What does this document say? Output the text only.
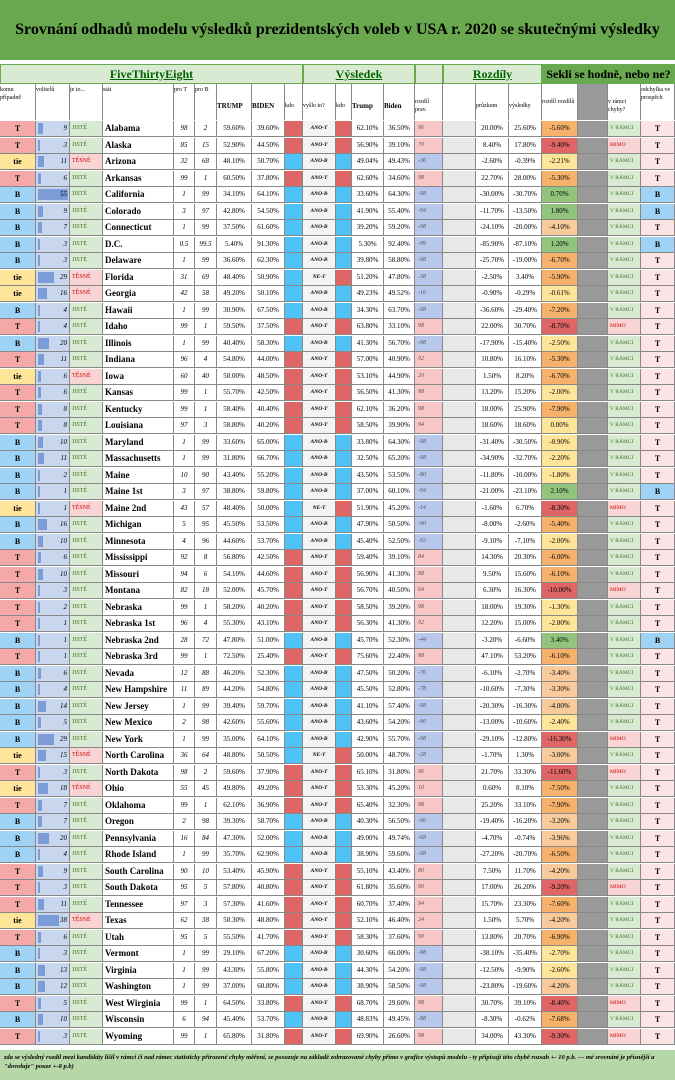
Srovnání odhadů modelu výsledků prezidentských voleb v USA r. 2020 se skutečnými výsledky
FiveThirtyEight	Výsledek	Rozdíly	Sekli se hodně, nebo ne?
komu případně
volitelů	je to...	stát	pro T	pro B
TRUMP	BIDEN	kdo	vyšlo to?	kdo	Trump	Biden	rozdíl prav.
průzkum	výsledky
rozdíl rozdílů	v rámci chyby?
odchylka ve prospěch
T	9 JISTÉ	Alabama	98	2	59.60%	39.60%	ANO-T	62.10%	36.50%	96	20.00%	25.60%	-5.60%	V RÁMCI	T
T	3 JISTÉ	Alaska	85	15	52.90%	44.50%	ANO-T	56.90%	39.10%	70	8.40%	17.80%	-9.40%	MIMO	T
tie	11 TĚSNÉ	Arizona	32	68	48.10%	50.70%	ANO-B	49.04%	49.43%	-36	-2.60%	-0.39%	-2.21%	V RÁMCI	T
T	6 JISTÉ	Arkansas	99	1	60.50%	37.80%	ANO-T	62.60%	34.60%	98	22.70%	28.00%	-5.30%	V RÁMCI	T
B	55 JISTÉ	California	1	99	34.10%	64.10%	ANO-B	33.60%	64.30%	-98	-30.00%	-30.70%	0.70%	V RÁMCI	B
B	9 JISTÉ	Colorado	3	97	42.80%	54.50%	ANO-B	41.90%	55.40%	-94	-11.70%	-13.50%	1.80%	V RÁMCI	B
B	7 JISTÉ	Connecticut	1	99	37.50%	61.60%	ANO-B	39.20%	59.20%	-98	-24.10%	-20.00%	-4.10%	V RÁMCI	T
B	3 JISTÉ	D.C.	0.5	99.5	5.40%	91.30%	ANO-B	5.30%	92.40%	-99	-85.90%	-87.10%	1.20%	V RÁMCI	B
B	3 JISTÉ	Delaware	1	99	36.60%	62.30%	ANO-B	39.80%	58.80%	-98	-25.70%	-19.00%	-6.70%	V RÁMCI	T
tie	29 TĚSNÉ	Florida	31	69	48.40%	50.90%	NE-T	51.20%	47.80%	-38	-2.50%	3.40%	-5.90%	V RÁMCI	T
tie	16 TĚSNÉ	Georgia	42	58	49.20%	50.10%	ANO-B	49.23%	49.52%	-16	-0.90%	-0.29%	-0.61%	V RÁMCI	T
B	4 JISTÉ	Hawaii	1	99	30.90%	67.50%	ANO-B	34.30%	63.70%	-98	-36.60%	-29.40%	-7.20%	V RÁMCI	T
T	4 JISTÉ	Idaho	99	1	59.50%	37.50%	ANO-T	63.80%	33.10%	98	22.00%	30.70%	-8.70%	MIMO	T
B	20 JISTÉ	Illinois	1	99	40.40%	58.30%	ANO-B	41.30%	56.70%	-98	-17.90%	-15.40%	-2.50%	V RÁMCI	T
T	11 JISTÉ	Indiana	96	4	54.80%	44.00%	ANO-T	57.00%	40.90%	92	10.80%	16.10%	-5.30%	V RÁMCI	T
tie	6 TĚSNÉ	Iowa	60	40	50.00%	48.50%	ANO-T	53.10%	44.90%	20	1.50%	8.20%	-6.70%	V RÁMCI	T
T	6 JISTÉ	Kansas	99	1	55.70%	42.50%	ANO-T	56.50%	41.30%	98	13.20%	15.20%	-2.00%	V RÁMCI	T
T	8 JISTÉ	Kentucky	99	1	58.40%	40.40%	ANO-T	62.10%	36.20%	98	18.00%	25.90%	-7.90%	V RÁMCI	T
T	8 JISTÉ	Louisiana	97	3	58.80%	40.20%	ANO-T	58.50%	39.90%	94	18.60%	18.60%	0.00%	V RÁMCI	T
B	10 JISTÉ	Maryland	1	99	33.60%	65.00%	ANO-B	33.80%	64.30%	-98	-31.40%	-30.50%	-0.90%	V RÁMCI	T
B	11 JISTÉ	Massachusetts	1	99	31.80%	66.70%	ANO-B	32.50%	65.20%	-98	-34.90%	-32.70%	-2.20%	V RÁMCI	T
B	2 JISTÉ	Maine	10	90	43.40%	55.20%	ANO-B	43.50%	53.50%	-80	-11.80%	-10.00%	-1.80%	V RÁMCI	T
B	1 JISTÉ	Maine 1st	3	97	38.80%	59.80%	ANO-B	37.00%	60.10%	-94	-21.00%	-23.10%	2.10%	V RÁMCI	B
tie	1 TĚSNÉ	Maine 2nd	43	57	48.40%	50.00%	NE-T	51.90%	45.20%	-14	-1.60%	6.70%	-8.30%	MIMO	T
B	16 JISTÉ	Michigan	5	95	45.50%	53.50%	ANO-B	47.90%	50.50%	-90	-8.00%	-2.60%	-5.40%	V RÁMCI	T
B	10 JISTÉ	Minnesota	4	96	44.60%	53.70%	ANO-B	45.40%	52.50%	-92	-9.10%	-7.10%	-2.00%	V RÁMCI	T
T	6 JISTÉ	Mississippi	92	8	56.80%	42.50%	ANO-T	59.40%	39.10%	84	14.30%	20.30%	-6.00%	V RÁMCI	T
T	10 JISTÉ	Missouri	94	6	54.10%	44.60%	ANO-T	56.90%	41.30%	88	9.50%	15.60%	-6.10%	V RÁMCI	T
T	3 JISTÉ	Montana	82	18	52.00%	45.70%	ANO-T	56.70%	40.50%	64	6.30%	16.30%	-10.00%	MIMO	T
T	2 JISTÉ	Nebraska	99	1	58.20%	40.20%	ANO-T	58.50%	39.20%	98	18.00%	19.30%	-1.30%	V RÁMCI	T
T	1 JISTÉ	Nebraska 1st	96	4	55.30%	43.10%	ANO-T	56.30%	41.30%	92	12.20%	15.00%	-2.80%	V RÁMCI	T
B	1 JISTÉ	Nebraska 2nd	28	72	47.80%	51.00%	ANO-B	45.70%	52.30%	-44	-3.20%	-6.60%	3.40%	V RÁMCI	B
T	1 JISTÉ	Nebraska 3rd	99	1	72.50%	25.40%	ANO-T	75.60%	22.40%	98	47.10%	53.20%	-6.10%	V RÁMCI	T
B	6 JISTÉ	Nevada	12	88	46.20%	52.30%	ANO-B	47.50%	50.20%	-76	-6.10%	-2.70%	-3.40%	V RÁMCI	T
B	4 JISTÉ	New Hampshire	11	89	44.20%	54.80%	ANO-B	45.50%	52.80%	-78	-10.60%	-7.30%	-3.30%	V RÁMCI	T
B	14 JISTÉ	New Jersey	1	99	39.40%	59.70%	ANO-B	41.10%	57.40%	-98	-20.30%	-16.30%	-4.00%	V RÁMCI	T
B	5 JISTÉ	New Mexico	2	98	42.60%	55.60%	ANO-B	43.60%	54.20%	-96	-13.00%	-10.60%	-2.40%	V RÁMCI	T
B	29 JISTÉ	New York	1	99	35.00%	64.10%	ANO-B	42.90%	55.70%	-98	-29.10%	-12.80%	-16.30%	MIMO	T
tie	15 TĚSNÉ	North Carolina	36	64	48.80%	50.50%	NE-T	50.00%	48.70%	-28	-1.70%	1.30%	-3.00%	V RÁMCI	T
T	3 JISTÉ	North Dakota	98	2	59.60%	37.90%	ANO-T	65.10%	31.80%	96	21.70%	33.30%	-11.60%	MIMO	T
tie	18 TĚSNÉ	Ohio	55	45	49.80%	49.20%	ANO-T	53.30%	45.20%	10	0.60%	8.10%	-7.50%	V RÁMCI	T
T	7 JISTÉ	Oklahoma	99	1	62.10%	36.90%	ANO-T	65.40%	32.30%	98	25.20%	33.10%	-7.90%	V RÁMCI	T
B	7 JISTÉ	Oregon	2	98	39.30%	58.70%	ANO-B	40.30%	56.50%	-96	-19.40%	-16.20%	-3.20%	V RÁMCI	T
B	20 JISTÉ	Pennsylvania	16	84	47.30%	52.00%	ANO-B	49.00%	49.74%	-68	-4.70%	-0.74%	-3.96%	V RÁMCI	T
B	4 JISTÉ	Rhode Island	1	99	35.70%	62.90%	ANO-B	38.90%	59.60%	-98	-27.20%	-20.70%	-6.50%	V RÁMCI	T
T	9 JISTÉ	South Carolina	90	10	53.40%	45.90%	ANO-T	55.10%	43.40%	80	7.50%	11.70%	-4.20%	V RÁMCI	T
T	3 JISTÉ	South Dakota	95	5	57.80%	40.80%	ANO-T	61.80%	35.60%	90	17.00%	26.20%	-9.20%	MIMO	T
T	11 JISTÉ	Tennessee	97	3	57.30%	41.60%	ANO-T	60.70%	37.40%	94	15.70%	23.30%	-7.60%	V RÁMCI	T
tie	38 TĚSNÉ	Texas	62	38	50.30%	48.80%	ANO-T	52.10%	46.40%	24	1.50%	5.70%	-4.20%	V RÁMCI	T
T	6 JISTÉ	Utah	95	5	55.50%	41.70%	ANO-T	58.30%	37.60%	90	13.80%	20.70%	-6.90%	V RÁMCI	T
B	3 JISTÉ	Vermont	1	99	29.10%	67.20%	ANO-B	30.60%	66.00%	-98	-38.10%	-35.40%	-2.70%	V RÁMCI	T
B	13 JISTÉ	Virginia	1	99	43.30%	55.80%	ANO-B	44.30%	54.20%	-98	-12.50%	-9.90%	-2.60%	V RÁMCI	T
B	12 JISTÉ	Washington	1	99	37.00%	60.80%	ANO-B	38.90%	58.50%	-98	-23.80%	-19.60%	-4.20%	V RÁMCI	T
T	5 JISTÉ	West Wirginia	99	1	64.50%	33.80%	ANO-T	68.70%	29.60%	98	30.70%	39.10%	-8.40%	MIMO	T
B	10 JISTÉ	Wisconsin	6	94	45.40%	53.70%	ANO-B	48.83%	49.45%	-88	-8.30%	-0.62%	-7.68%	V RÁMCI	T
T	3 JISTÉ	Wyoming	99	1	65.80%	31.80%	ANO-T	69.90%	26.60%	98	34.00%	43.30%	-9.30%	MIMO	T
zda se výsledný rozdíl mezi kandidáty lišil v rámci či nad rámec statisticky přirozené chyby měření, se posuzuje na základě zobrazované chyby přímo v grafice výstupů modelu - ty připisují této chybě rozsah +- 10 p.b. — mé srovnání je přísnější a "dovoluje" pouze +-8 p.b)
